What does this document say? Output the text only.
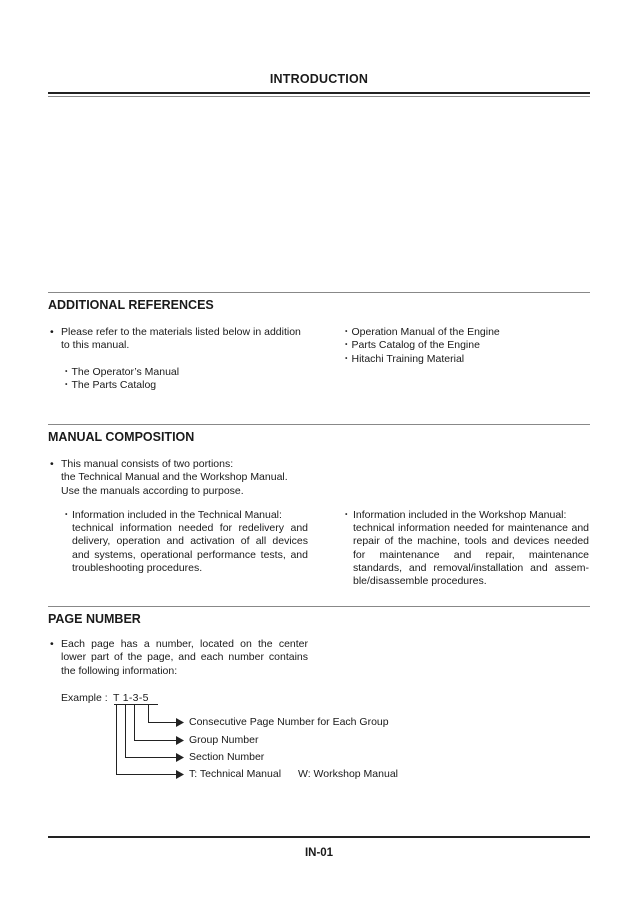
INTRODUCTION
ADDITIONAL REFERENCES
• Please refer to the materials listed below in addition to this manual.
・The Operator’s Manual
・The Parts Catalog
・Operation Manual of the Engine
・Parts Catalog of the Engine
・Hitachi Training Material
MANUAL COMPOSITION
• This manual consists of two portions:
the Technical Manual and the Workshop Manual.
Use the manuals according to purpose.
・ Information included in the Technical Manual:
technical information needed for redelivery and delivery, operation and activation of all devices and systems, operational performance tests, and troubleshooting procedures.
・ Information included in the Workshop Manual:
technical information needed for maintenance and repair of the machine, tools and devices needed for maintenance and repair, maintenance standards, and removal/installation and assem-ble/disassemble procedures.
PAGE NUMBER
• Each page has a number, located on the center lower part of the page, and each number contains the following information:
Example : T 1-3-5
Consecutive Page Number for Each Group
Group Number
Section Number
T: Technical Manual W: Workshop Manual
IN-01
